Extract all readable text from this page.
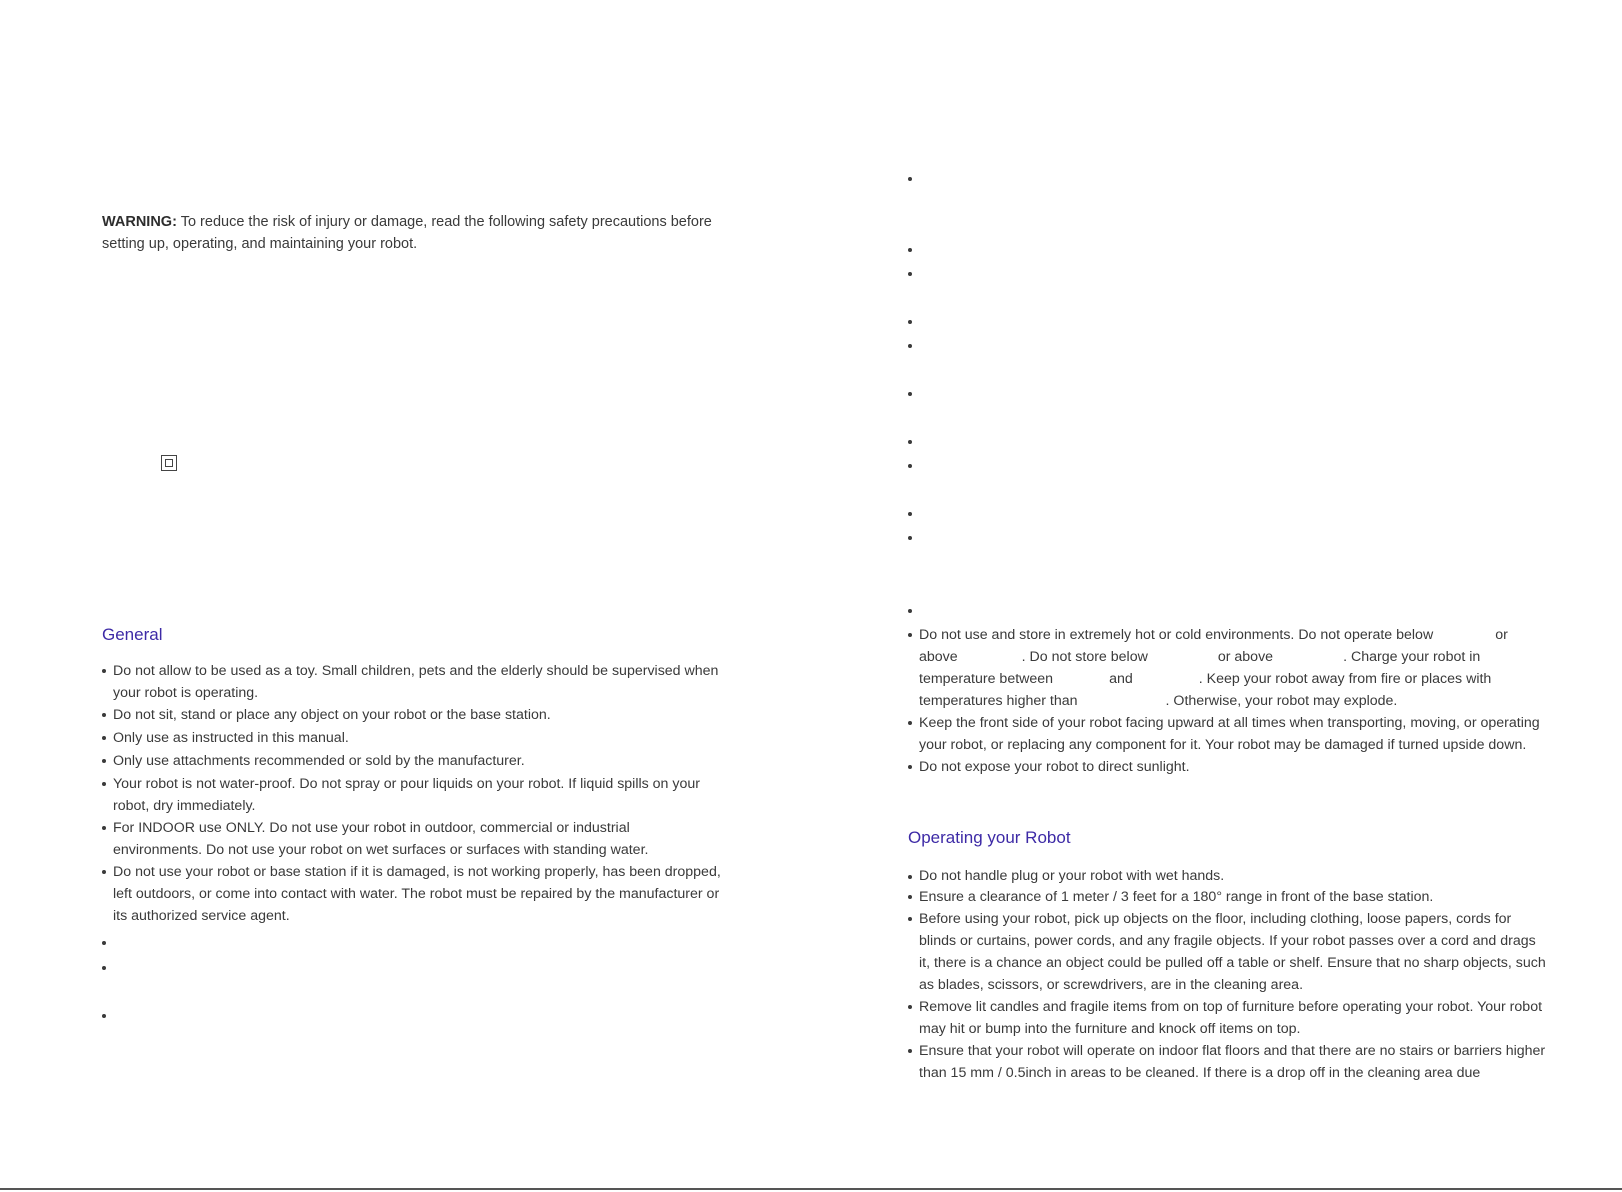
WARNING: To reduce the risk of injury or damage, read the following safety precautions before setting up, operating, and maintaining your robot.

General
Do not allow to be used as a toy. Small children, pets and the elderly should be supervised when your robot is operating.
Do not sit, stand or place any object on your robot or the base station.
Only use as instructed in this manual.
Only use attachments recommended or sold by the manufacturer.
Your robot is not water-proof. Do not spray or pour liquids on your robot. If liquid spills on your robot, dry immediately.
For INDOOR use ONLY. Do not use your robot in outdoor, commercial or industrial environments. Do not use your robot on wet surfaces or surfaces with standing water.
Do not use your robot or base station if it is damaged, is not working properly, has been dropped, left outdoors, or come into contact with water. The robot must be repaired by the manufacturer or its authorized service agent.
Do not use and store in extremely hot or cold environments. Do not operate below	or
above	. Do not store below	or above	. Charge your robot in
temperature between	and	. Keep your robot away from fire or places with
temperatures higher than	. Otherwise, your robot may explode.
Keep the front side of your robot facing upward at all times when transporting, moving, or operating your robot, or replacing any component for it. Your robot may be damaged if turned upside down.
Do not expose your robot to direct sunlight.
Operating your Robot
Do not handle plug or your robot with wet hands.
Ensure a clearance of 1 meter / 3 feet for a 180° range in front of the base station.
Before using your robot, pick up objects on the floor, including clothing, loose papers, cords for blinds or curtains, power cords, and any fragile objects. If your robot passes over a cord and drags it, there is a chance an object could be pulled off a table or shelf. Ensure that no sharp objects, such as blades, scissors, or screwdrivers, are in the cleaning area.
Remove lit candles and fragile items from on top of furniture before operating your robot. Your robot may hit or bump into the furniture and knock off items on top.
Ensure that your robot will operate on indoor flat floors and that there are no stairs or barriers higher than 15 mm / 0.5inch in areas to be cleaned. If there is a drop off in the cleaning area due
